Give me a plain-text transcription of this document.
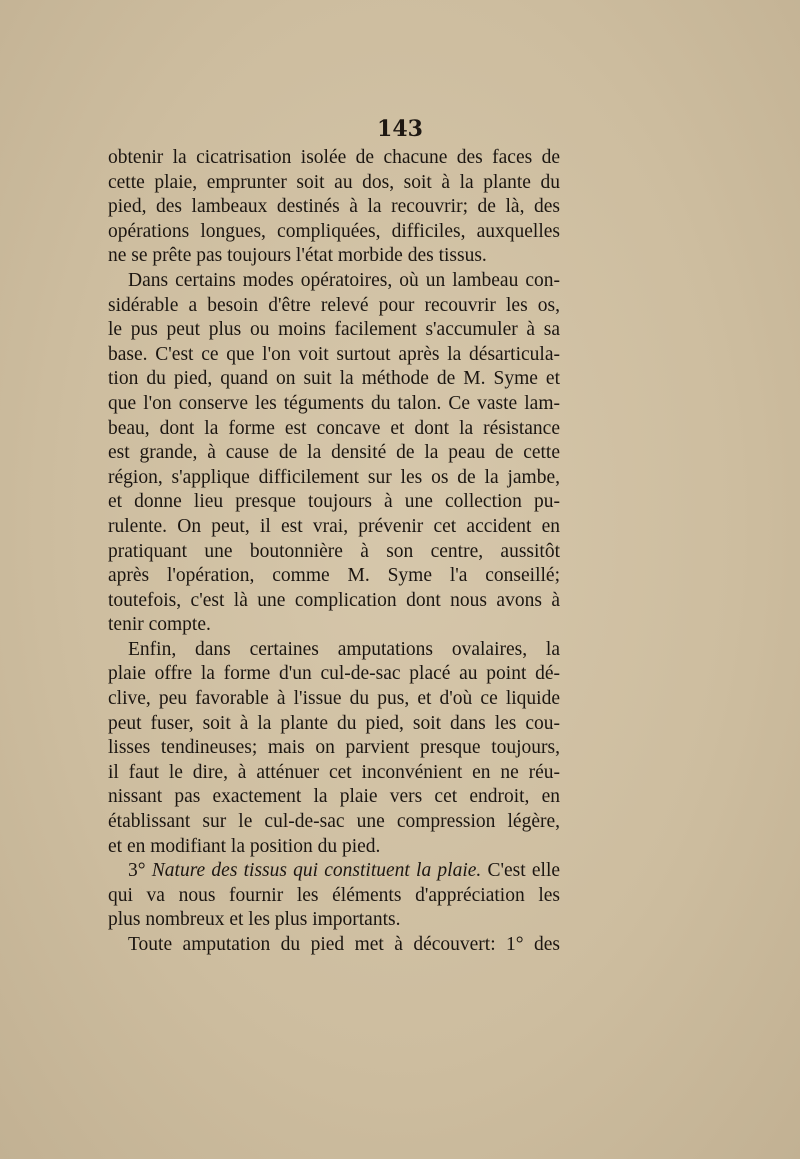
143
obtenir la cicatrisation isolée de chacune des faces de
cette plaie, emprunter soit au dos, soit à la plante du
pied, des lambeaux destinés à la recouvrir; de là, des
opérations longues, compliquées, difficiles, auxquelles
ne se prête pas toujours l'état morbide des tissus.
Dans certains modes opératoires, où un lambeau con-
sidérable a besoin d'être relevé pour recouvrir les os,
le pus peut plus ou moins facilement s'accumuler à sa
base. C'est ce que l'on voit surtout après la désarticula-
tion du pied, quand on suit la méthode de M. Syme et
que l'on conserve les téguments du talon. Ce vaste lam-
beau, dont la forme est concave et dont la résistance
est grande, à cause de la densité de la peau de cette
région, s'applique difficilement sur les os de la jambe,
et donne lieu presque toujours à une collection pu-
rulente. On peut, il est vrai, prévenir cet accident en
pratiquant une boutonnière à son centre, aussitôt
après l'opération, comme M. Syme l'a conseillé;
toutefois, c'est là une complication dont nous avons à
tenir compte.
Enfin, dans certaines amputations ovalaires, la
plaie offre la forme d'un cul-de-sac placé au point dé-
clive, peu favorable à l'issue du pus, et d'où ce liquide
peut fuser, soit à la plante du pied, soit dans les cou-
lisses tendineuses; mais on parvient presque toujours,
il faut le dire, à atténuer cet inconvénient en ne réu-
nissant pas exactement la plaie vers cet endroit, en
établissant sur le cul-de-sac une compression légère,
et en modifiant la position du pied.
3° Nature des tissus qui constituent la plaie. C'est elle
qui va nous fournir les éléments d'appréciation les
plus nombreux et les plus importants.
Toute amputation du pied met à découvert: 1° des
